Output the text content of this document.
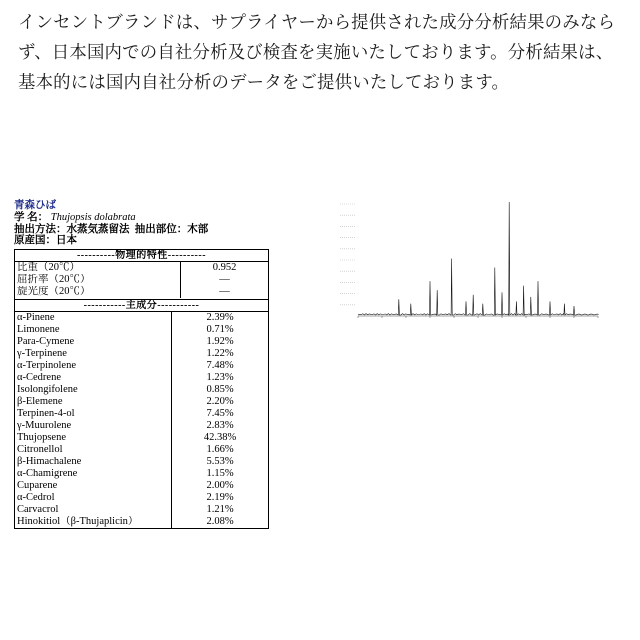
インセントブランドは、サプライヤーから提供された成分分析結果のみならず、日本国内での自社分析及び検査を実施いたしております。分析結果は、基本的には国内自社分析のデータをご提供いたしております。

青森ひば
学 名： Thujopsis dolabrata
抽出方法：水蒸気蒸留法 抽出部位：木部
原産国：日本
----------物理的特性----------
比重（20℃）	0.952
屈折率（20℃）	—
旋光度（20℃）	—
-----------主成分-----------
α-Pinene	2.39%
Limonene	0.71%
Para-Cymene	1.92%
γ-Terpinene	1.22%
α-Terpinolene	7.48%
α-Cedrene	1.23%
Isolongifolene	0.85%
β-Elemene	2.20%
Terpinen-4-ol	7.45%
γ-Muurolene	2.83%
Thujopsene	42.38%
Citronellol	1.66%
β-Himachalene	5.53%
α-Chamigrene	1.15%
Cuparene	2.00%
α-Cedrol	2.19%
Carvacrol	1.21%
Hinokitiol（β-Thujaplicin）	2.08%
